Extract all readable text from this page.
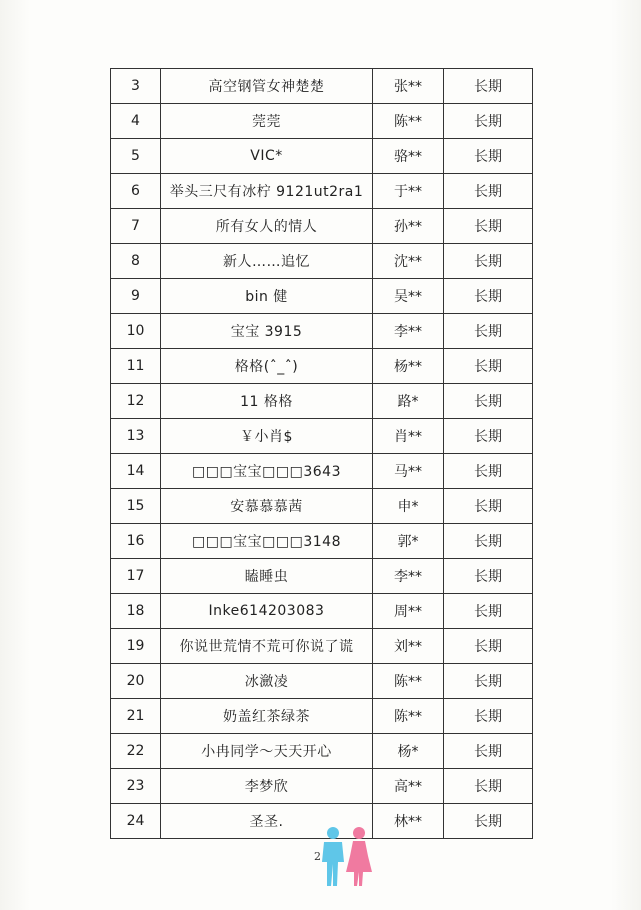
3	高空钢管女神楚楚	张**	长期
4	莞莞	陈**	长期
5	VIC*	骆**	长期
6	举头三尺有冰柠 9121ut2ra1	于**	长期
7	所有女人的情人	孙**	长期
8	新人……追忆	沈**	长期
9	bin 健	吴**	长期
10	宝宝 3915	李**	长期
11	格格(ˆ_ˆ)	杨**	长期
12	11 格格	路*	长期
13	￥小肖$	肖**	长期
14	□□□宝宝□□□3643	马**	长期
15	安慕慕慕茜	申*	长期
16	□□□宝宝□□□3148	郭*	长期
17	瞌睡虫	李**	长期
18	Inke614203083	周**	长期
19	你说世荒情不荒可你说了谎	刘**	长期
20	冰瀲凌	陈**	长期
21	奶盖红茶绿茶	陈**	长期
22	小冉同学～天天开心	杨*	长期
23	李梦欣	高**	长期
24	圣圣.	林**	长期
2
